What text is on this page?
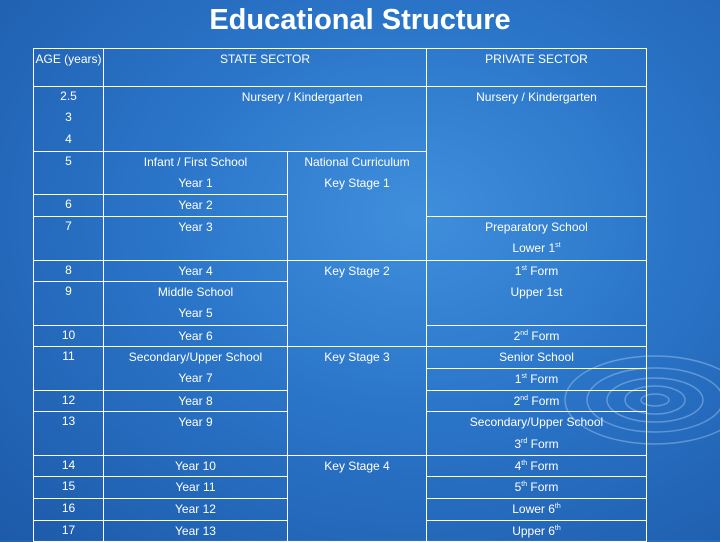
Educational Structure
AGE (years)	STATE SECTOR	PRIVATE SECTOR
2.5	Nursery / Kindergarten		Nursery / Kindergarten
3			
4			
5	Infant / First School	National Curriculum	
	Year 1	Key Stage 1	
6	Year 2		
7	Year 3		Preparatory School
			Lower 1st
8	Year 4	Key Stage 2	1st Form
9	Middle School		Upper 1st
	Year 5		
10	Year 6		2nd Form
11	Secondary/Upper School	Key Stage 3	Senior School
	Year 7		1st Form
12	Year 8		2nd Form
13	Year 9		Secondary/Upper School
			3rd Form
14	Year 10	Key Stage 4	4th Form
15	Year 11		5th Form
16	Year 12		Lower 6th
17	Year 13		Upper 6th
